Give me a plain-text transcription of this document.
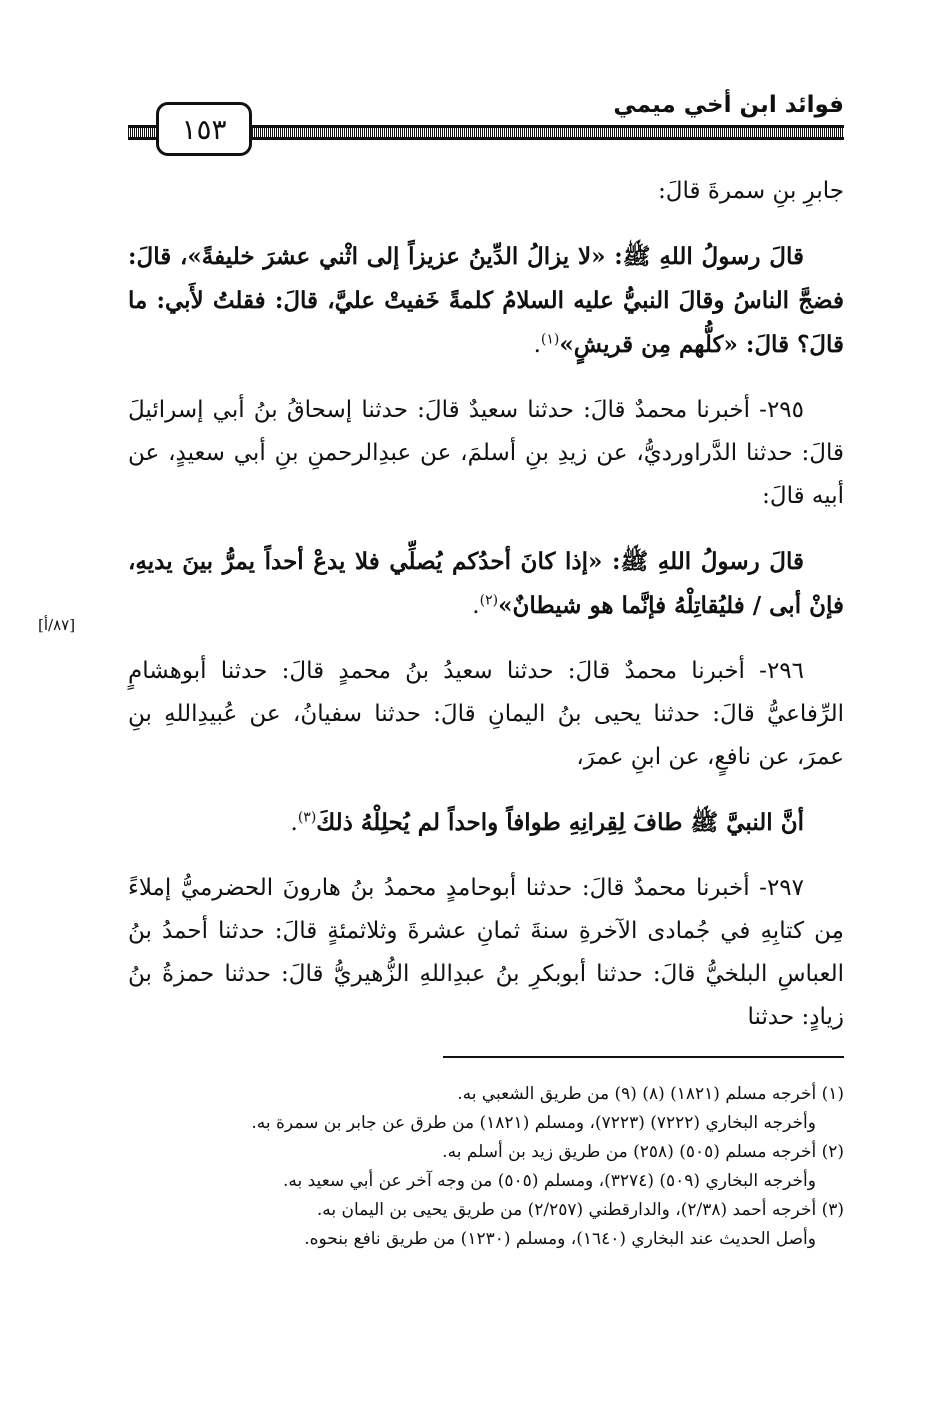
فوائد ابن أخي ميمي
١٥٣
[٨٧/أ]

جابرِ بنِ سمرةَ قالَ:

قالَ رسولُ اللهِ ﷺ: «لا يزالُ الدِّينُ عزيزاً إلى اثْني عشرَ خليفةً»، قالَ: فضجَّ الناسُ وقالَ النبيُّ عليه السلامُ كلمةً خَفيتْ عليَّ، قالَ: فقلتُ لأَبي: ما قالَ؟ قالَ: «كلُّهم مِن قريشٍ»$^{(١)}$.

٢٩٥- أخبرنا محمدٌ قالَ: حدثنا سعيدٌ قالَ: حدثنا إسحاقُ بنُ أبي إسرائيلَ قالَ: حدثنا الدَّراورديُّ، عن زيدِ بنِ أسلمَ، عن عبدِالرحمنِ بنِ أبي سعيدٍ، عن أبيه قالَ:

قالَ رسولُ اللهِ ﷺ: «إذا كانَ أحدُكم يُصلِّي فلا يدعْ أحداً يمرُّ بينَ يديهِ، فإنْ أبى / فليُقاتِلْهُ فإنَّما هو شيطانٌ»$^{(٢)}$.

٢٩٦- أخبرنا محمدٌ قالَ: حدثنا سعيدُ بنُ محمدٍ قالَ: حدثنا أبوهشامٍ الرِّفاعيُّ قالَ: حدثنا يحيى بنُ اليمانِ قالَ: حدثنا سفيانُ، عن عُبيدِاللهِ بنِ عمرَ، عن نافعٍ، عن ابنِ عمرَ،

أنَّ النبيَّ ﷺ طافَ لِقِرانِهِ طوافاً واحداً لم يُحلِلْهُ ذلكَ$^{(٣)}$.

٢٩٧- أخبرنا محمدٌ قالَ: حدثنا أبوحامدٍ محمدُ بنُ هارونَ الحضرميُّ إملاءً مِن كتابِهِ في جُمادى الآخرةِ سنةَ ثمانِ عشرةَ وثلاثمئةٍ قالَ: حدثنا أحمدُ بنُ العباسِ البلخيُّ قالَ: حدثنا أبوبكرِ بنُ عبدِاللهِ الزُّهيريُّ قالَ: حدثنا حمزةُ بنُ زيادٍ: حدثنا

(١) أخرجه مسلم (١٨٢١) (٨) (٩) من طريق الشعبي به.

وأخرجه البخاري (٧٢٢٢) (٧٢٢٣)، ومسلم (١٨٢١) من طرق عن جابر بن سمرة به.

(٢) أخرجه مسلم (٥٠٥) (٢٥٨) من طريق زيد بن أسلم به.

وأخرجه البخاري (٥٠٩) (٣٢٧٤)، ومسلم (٥٠٥) من وجه آخر عن أبي سعيد به.

(٣) أخرجه أحمد (٢/٣٨)، والدارقطني (٢/٢٥٧) من طريق يحيى بن اليمان به.

وأصل الحديث عند البخاري (١٦٤٠)، ومسلم (١٢٣٠) من طريق نافع بنحوه.
